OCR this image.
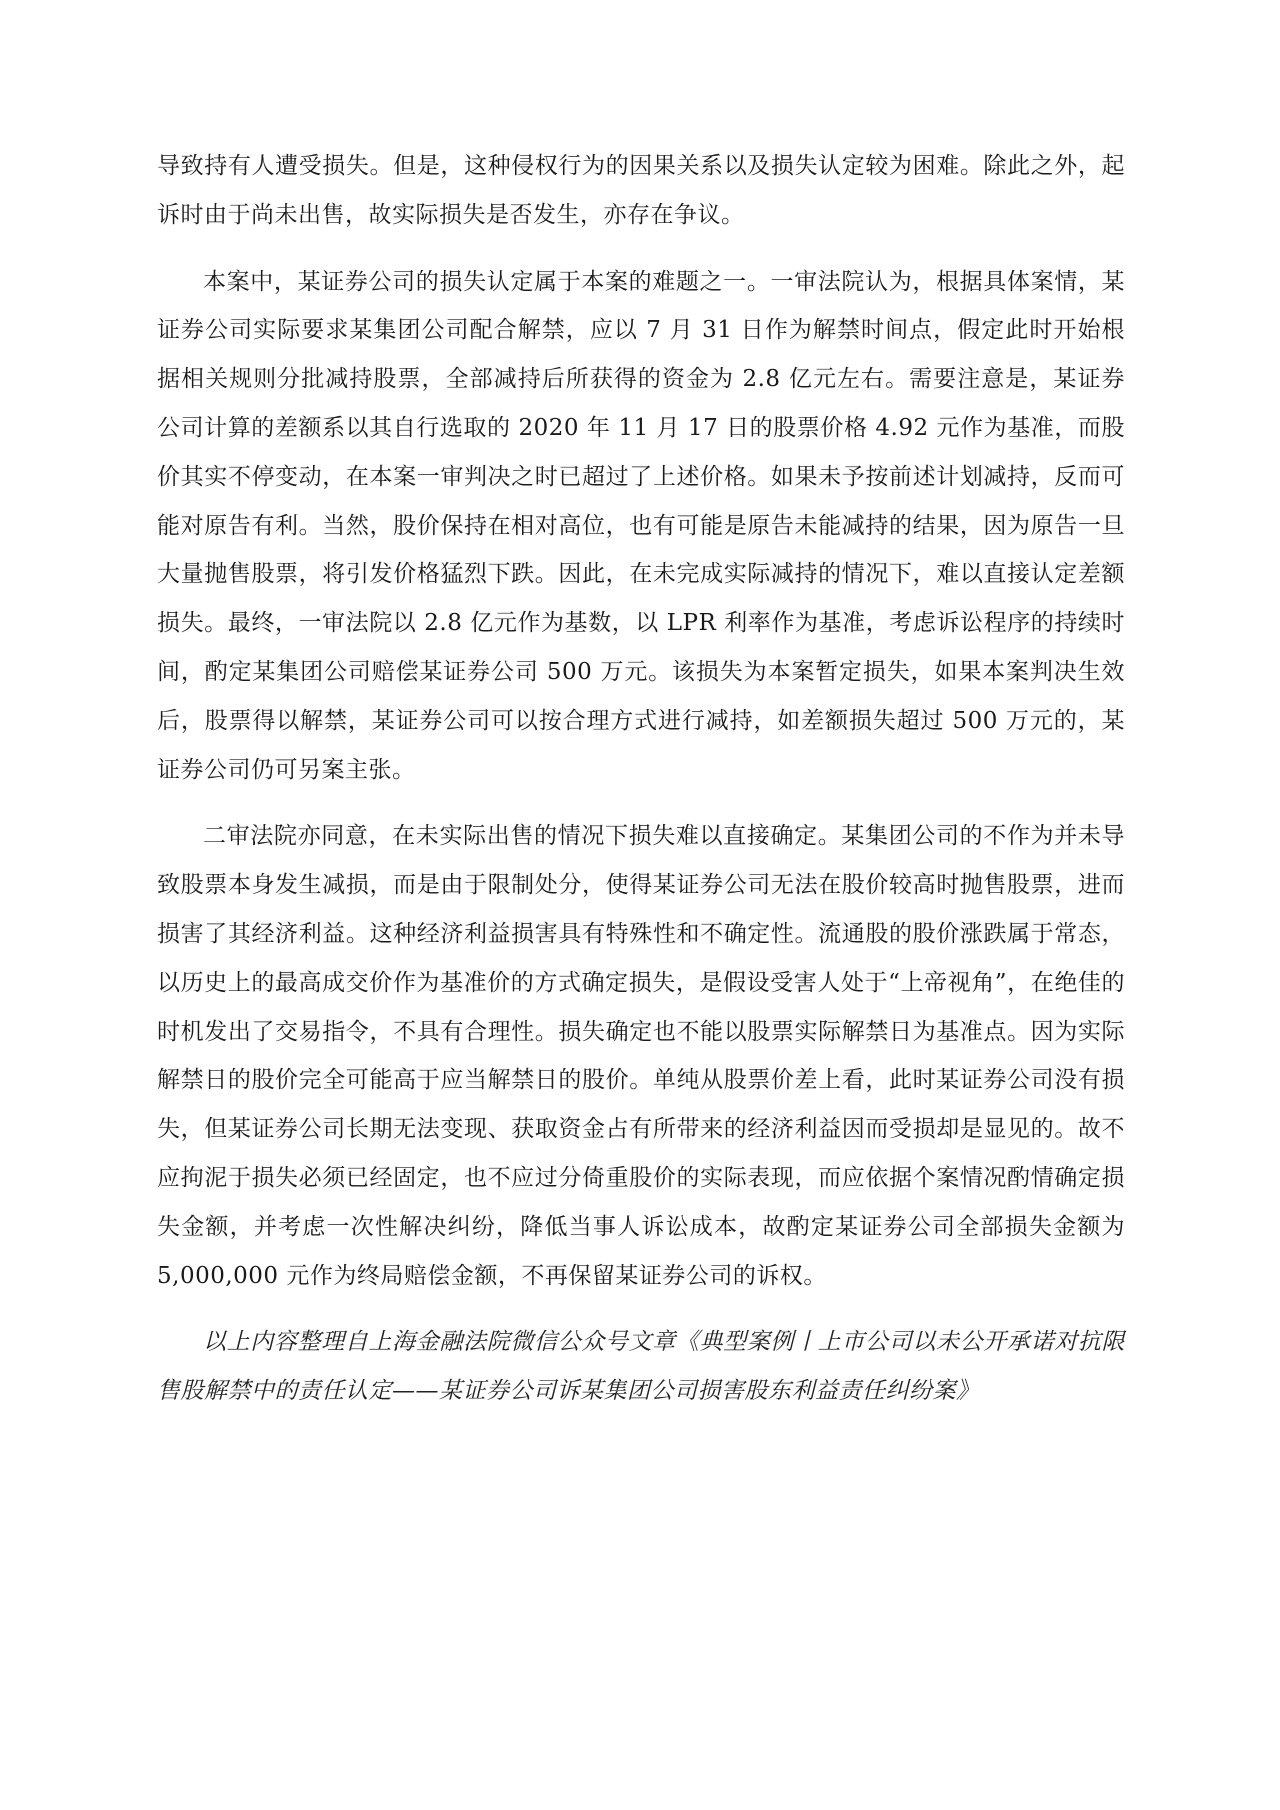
导致持有人遭受损失。但是，这种侵权行为的因果关系以及损失认定较为困难。除此之外，起诉时由于尚未出售，故实际损失是否发生，亦存在争议。

本案中，某证券公司的损失认定属于本案的难题之一。一审法院认为，根据具体案情，某证券公司实际要求某集团公司配合解禁，应以 7 月 31 日作为解禁时间点，假定此时开始根据相关规则分批减持股票，全部减持后所获得的资金为 2.8 亿元左右。需要注意是，某证券公司计算的差额系以其自行选取的 2020 年 11 月 17 日的股票价格 4.92 元作为基准，而股价其实不停变动，在本案一审判决之时已超过了上述价格。如果未予按前述计划减持，反而可能对原告有利。当然，股价保持在相对高位，也有可能是原告未能减持的结果，因为原告一旦大量抛售股票，将引发价格猛烈下跌。因此，在未完成实际减持的情况下，难以直接认定差额损失。最终，一审法院以 2.8 亿元作为基数，以 LPR 利率作为基准，考虑诉讼程序的持续时间，酌定某集团公司赔偿某证券公司 500 万元。该损失为本案暂定损失，如果本案判决生效后，股票得以解禁，某证券公司可以按合理方式进行减持，如差额损失超过 500 万元的，某证券公司仍可另案主张。

二审法院亦同意，在未实际出售的情况下损失难以直接确定。某集团公司的不作为并未导致股票本身发生减损，而是由于限制处分，使得某证券公司无法在股价较高时抛售股票，进而损害了其经济利益。这种经济利益损害具有特殊性和不确定性。流通股的股价涨跌属于常态，以历史上的最高成交价作为基准价的方式确定损失，是假设受害人处于“上帝视角”，在绝佳的时机发出了交易指令，不具有合理性。损失确定也不能以股票实际解禁日为基准点。因为实际解禁日的股价完全可能高于应当解禁日的股价。单纯从股票价差上看，此时某证券公司没有损失，但某证券公司长期无法变现、获取资金占有所带来的经济利益因而受损却是显见的。故不应拘泥于损失必须已经固定，也不应过分倚重股价的实际表现，而应依据个案情况酌情确定损失金额，并考虑一次性解决纠纷，降低当事人诉讼成本，故酌定某证券公司全部损失金额为 5,000,000 元作为终局赔偿金额，不再保留某证券公司的诉权。

以上内容整理自上海金融法院微信公众号文章《典型案例丨上市公司以未公开承诺对抗限售股解禁中的责任认定——某证券公司诉某集团公司损害股东利益责任纠纷案》
